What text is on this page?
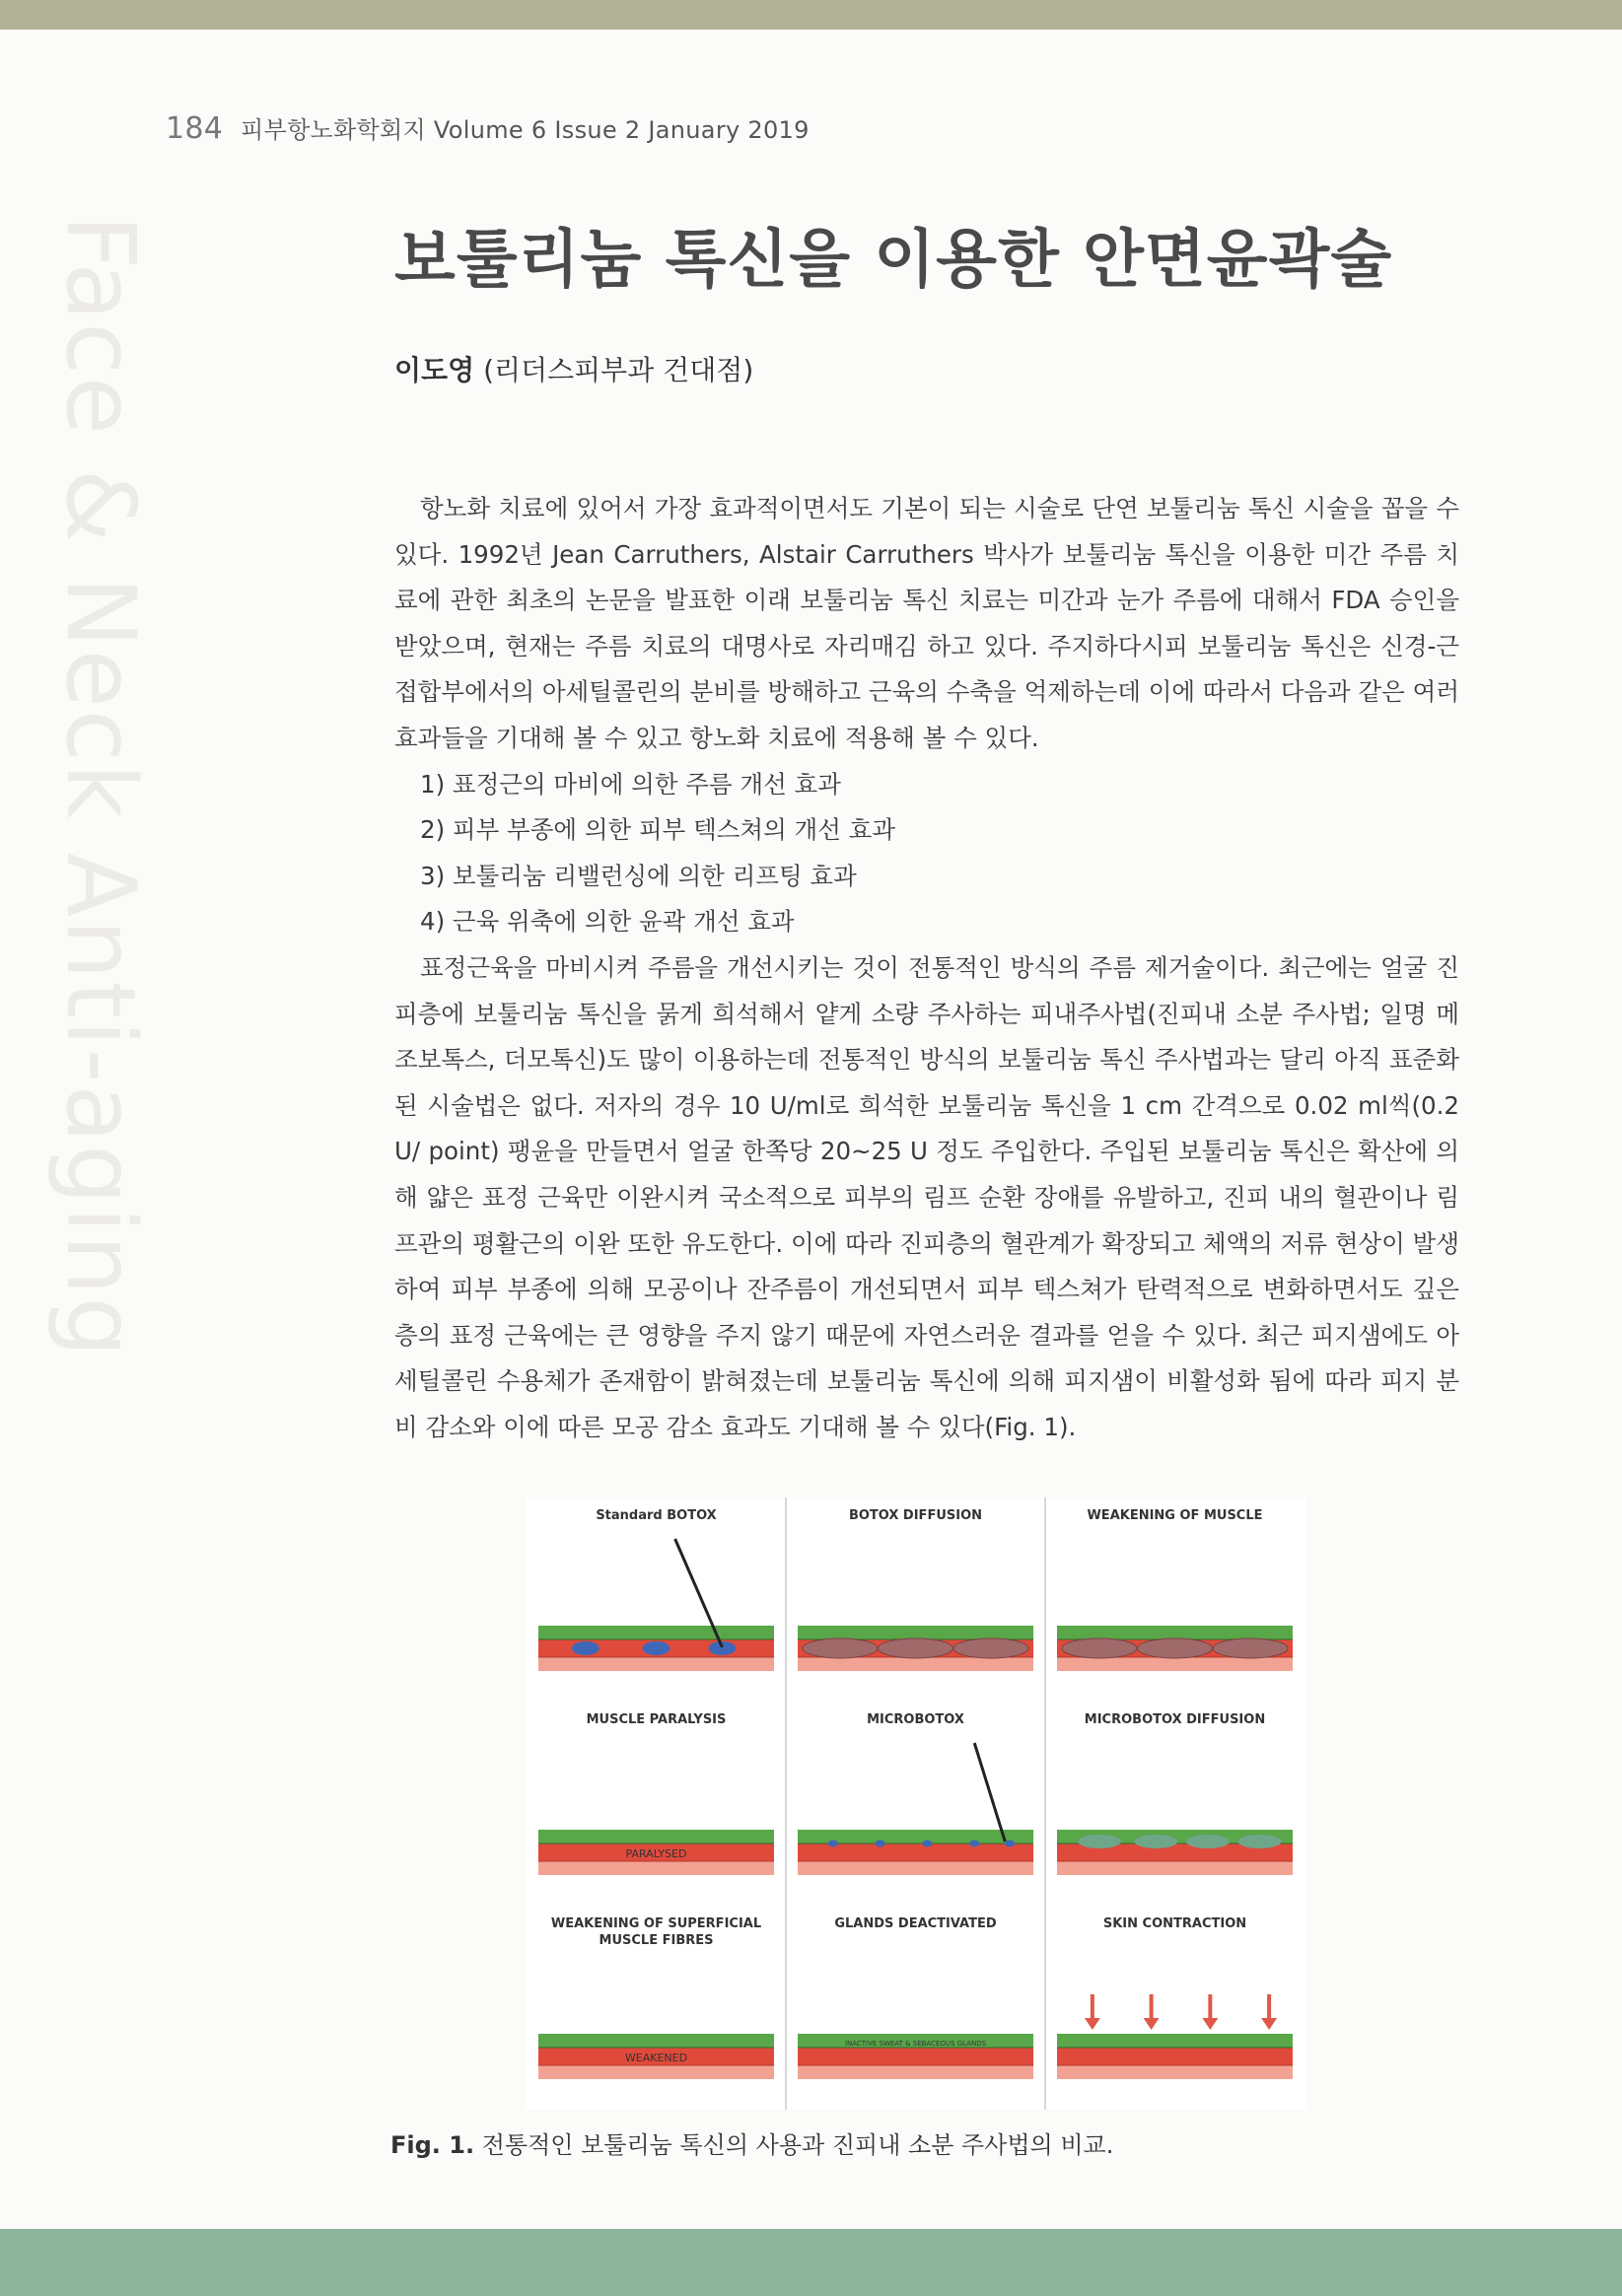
184 피부항노화학회지 Volume 6 Issue 2 January 2019
Face & Neck Anti-aging	보툴리눔 톡신을 이용한 안면윤곽술
이도영 (리더스피부과 건대점)

항노화 치료에 있어서 가장 효과적이면서도 기본이 되는 시술로 단연 보툴리눔 톡신 시술을 꼽을 수 있다. 1992년 Jean Carruthers, Alstair Carruthers 박사가 보툴리눔 톡신을 이용한 미간 주름 치료에 관한 최초의 논문을 발표한 이래 보툴리눔 톡신 치료는 미간과 눈가 주름에 대해서 FDA 승인을 받았으며, 현재는 주름 치료의 대명사로 자리매김 하고 있다. 주지하다시피 보툴리눔 톡신은 신경-근 접합부에서의 아세틸콜린의 분비를 방해하고 근육의 수축을 억제하는데 이에 따라서 다음과 같은 여러 효과들을 기대해 볼 수 있고 항노화 치료에 적용해 볼 수 있다.

1) 표정근의 마비에 의한 주름 개선 효과
2) 피부 부종에 의한 피부 텍스쳐의 개선 효과
3) 보툴리눔 리밸런싱에 의한 리프팅 효과
4) 근육 위축에 의한 윤곽 개선 효과

표정근육을 마비시켜 주름을 개선시키는 것이 전통적인 방식의 주름 제거술이다. 최근에는 얼굴 진피층에 보툴리눔 톡신을 묽게 희석해서 얕게 소량 주사하는 피내주사법(진피내 소분 주사법; 일명 메조보톡스, 더모톡신)도 많이 이용하는데 전통적인 방식의 보툴리눔 톡신 주사법과는 달리 아직 표준화된 시술법은 없다. 저자의 경우 10 U/ml로 희석한 보툴리눔 톡신을 1 cm 간격으로 0.02 ml씩(0.2 U/ point) 팽윤을 만들면서 얼굴 한쪽당 20~25 U 정도 주입한다. 주입된 보툴리눔 톡신은 확산에 의해 얇은 표정 근육만 이완시켜 국소적으로 피부의 림프 순환 장애를 유발하고, 진피 내의 혈관이나 림프관의 평활근의 이완 또한 유도한다. 이에 따라 진피층의 혈관계가 확장되고 체액의 저류 현상이 발생하여 피부 부종에 의해 모공이나 잔주름이 개선되면서 피부 텍스쳐가 탄력적으로 변화하면서도 깊은 층의 표정 근육에는 큰 영향을 주지 않기 때문에 자연스러운 결과를 얻을 수 있다. 최근 피지샘에도 아세틸콜린 수용체가 존재함이 밝혀졌는데 보툴리눔 톡신에 의해 피지샘이 비활성화 됨에 따라 피지 분비 감소와 이에 따른 모공 감소 효과도 기대해 볼 수 있다(Fig. 1).

Standard BOTOX	BOTOX DIFFUSION	WEAKENING OF MUSCLE
MUSCLE PARALYSIS
PARALYSED
MICROBOTOX	MICROBOTOX DIFFUSION
WEAKENING OF SUPERFICIAL
MUSCLE FIBRES
WEAKENED
GLANDS DEACTIVATED
INACTIVE SWEAT & SEBACEOUS GLANDS
SKIN CONTRACTION
Fig. 1. 전통적인 보툴리눔 톡신의 사용과 진피내 소분 주사법의 비교.
